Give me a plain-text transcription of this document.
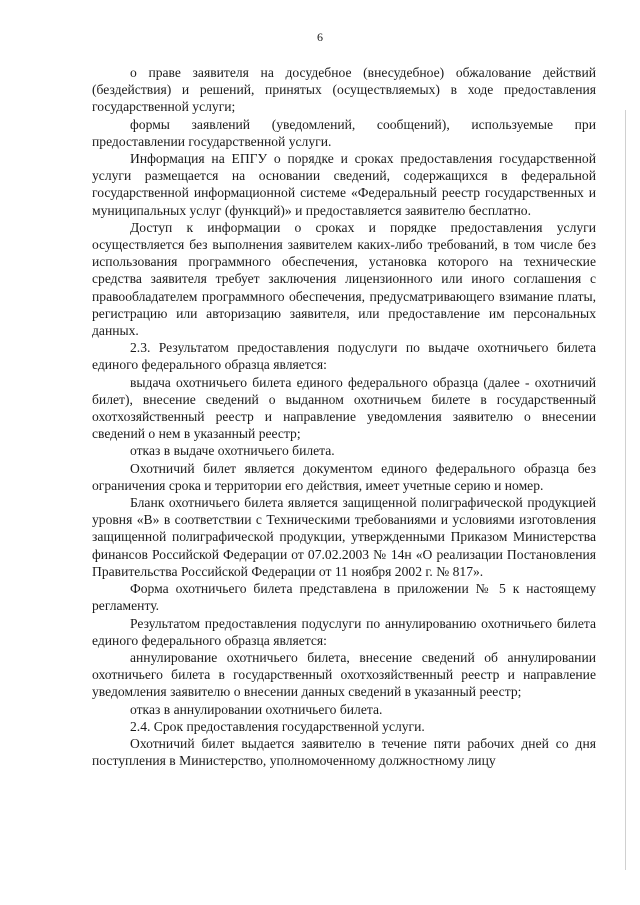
6

о праве заявителя на досудебное (внесудебное) обжалование действий (бездействия) и решений, принятых (осуществляемых) в ходе предоставления государственной услуги;

формы заявлений (уведомлений, сообщений), используемые при предоставлении государственной услуги.

Информация на ЕПГУ о порядке и сроках предоставления государственной услуги размещается на основании сведений, содержащихся в федеральной государственной информационной системе «Федеральный реестр государственных и муниципальных услуг (функций)» и предоставляется заявителю бесплатно.

Доступ к информации о сроках и порядке предоставления услуги осуществляется без выполнения заявителем каких-либо требований, в том числе без использования программного обеспечения, установка которого на технические средства заявителя требует заключения лицензионного или иного соглашения с правообладателем программного обеспечения, предусматривающего взимание платы, регистрацию или авторизацию заявителя, или предоставление им персональных данных.

2.3. Результатом предоставления подуслуги по выдаче охотничьего билета единого федерального образца является:

выдача охотничьего билета единого федерального образца (далее - охотничий билет), внесение сведений о выданном охотничьем билете в государственный охотхозяйственный реестр и направление уведомления заявителю о внесении сведений о нем в указанный реестр;

отказ в выдаче охотничьего билета.

Охотничий билет является документом единого федерального образца без ограничения срока и территории его действия, имеет учетные серию и номер.

Бланк охотничьего билета является защищенной полиграфической продукцией уровня «В» в соответствии с Техническими требованиями и условиями изготовления защищенной полиграфической продукции, утвержденными Приказом Министерства финансов Российской Федерации от 07.02.2003 № 14н «О реализации Постановления Правительства Российской Федерации от 11 ноября 2002 г. № 817».

Форма охотничьего билета представлена в приложении № 5 к настоящему регламенту.

Результатом предоставления подуслуги по аннулированию охотничьего билета единого федерального образца является:

аннулирование охотничьего билета, внесение сведений об аннулировании охотничьего билета в государственный охотхозяйственный реестр и направление уведомления заявителю о внесении данных сведений в указанный реестр;

отказ в аннулировании охотничьего билета.

2.4. Срок предоставления государственной услуги.

Охотничий билет выдается заявителю в течение пяти рабочих дней со дня поступления в Министерство, уполномоченному должностному лицу
